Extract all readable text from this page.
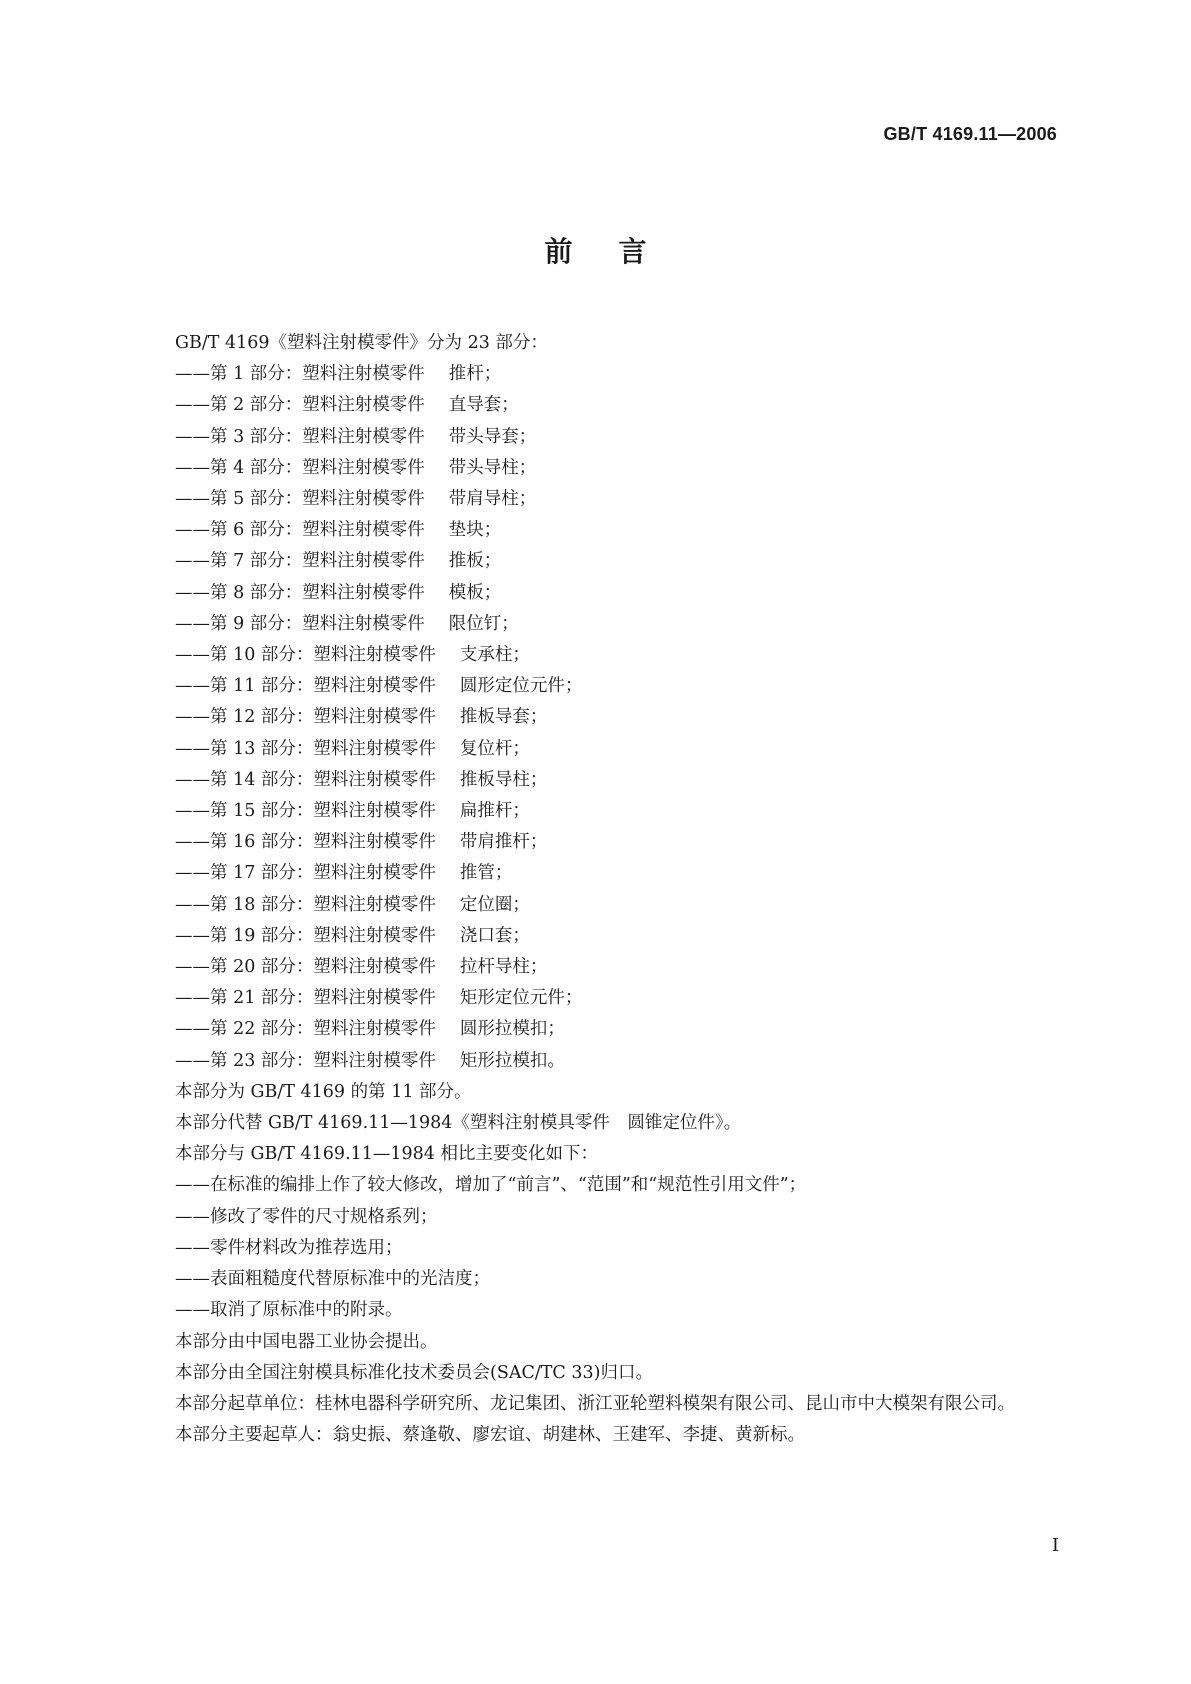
GB/T 4169.11—2006
前言

GB/T 4169《塑料注射模零件》分为 23 部分：

——第 1 部分：塑料注射模零件 推杆；

——第 2 部分：塑料注射模零件 直导套；

——第 3 部分：塑料注射模零件 带头导套；

——第 4 部分：塑料注射模零件 带头导柱；

——第 5 部分：塑料注射模零件 带肩导柱；

——第 6 部分：塑料注射模零件 垫块；

——第 7 部分：塑料注射模零件 推板；

——第 8 部分：塑料注射模零件 模板；

——第 9 部分：塑料注射模零件 限位钉；

——第 10 部分：塑料注射模零件 支承柱；

——第 11 部分：塑料注射模零件 圆形定位元件；

——第 12 部分：塑料注射模零件 推板导套；

——第 13 部分：塑料注射模零件 复位杆；

——第 14 部分：塑料注射模零件 推板导柱；

——第 15 部分：塑料注射模零件 扁推杆；

——第 16 部分：塑料注射模零件 带肩推杆；

——第 17 部分：塑料注射模零件 推管；

——第 18 部分：塑料注射模零件 定位圈；

——第 19 部分：塑料注射模零件 浇口套；

——第 20 部分：塑料注射模零件 拉杆导柱；

——第 21 部分：塑料注射模零件 矩形定位元件；

——第 22 部分：塑料注射模零件 圆形拉模扣；

——第 23 部分：塑料注射模零件 矩形拉模扣。

本部分为 GB/T 4169 的第 11 部分。

本部分代替 GB/T 4169.11—1984《塑料注射模具零件　圆锥定位件》。

本部分与 GB/T 4169.11—1984 相比主要变化如下：

——在标准的编排上作了较大修改，增加了“前言”、“范围”和“规范性引用文件”；

——修改了零件的尺寸规格系列；

——零件材料改为推荐选用；

——表面粗糙度代替原标准中的光洁度；

——取消了原标准中的附录。

本部分由中国电器工业协会提出。

本部分由全国注射模具标准化技术委员会(SAC/TC 33)归口。

本部分起草单位：桂林电器科学研究所、龙记集团、浙江亚轮塑料模架有限公司、昆山市中大模架有限公司。

本部分主要起草人：翁史振、蔡逢敬、廖宏谊、胡建林、王建军、李捷、黄新标。

I
